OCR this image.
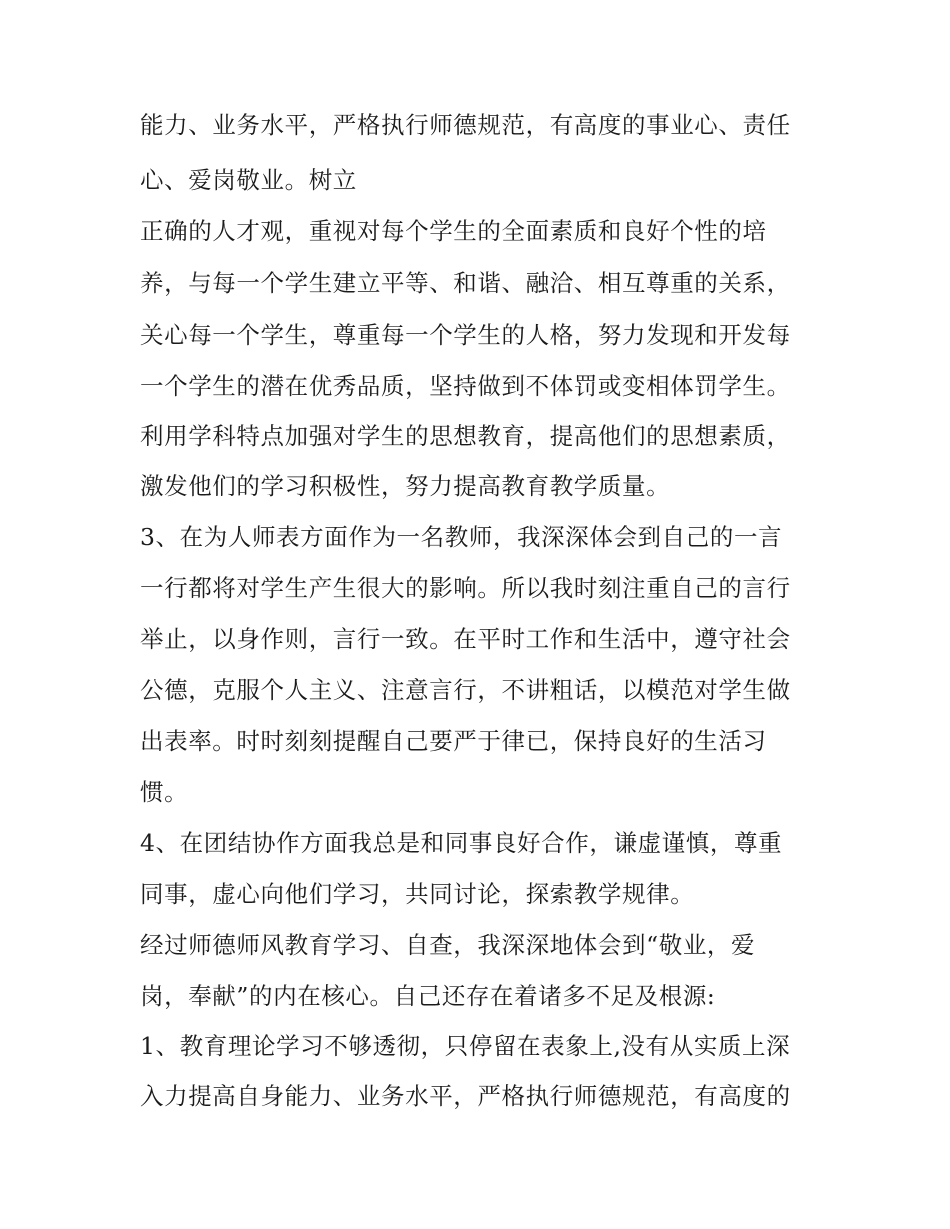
能力、业务水平，严格执行师德规范，有高度的事业心、责任
心、爱岗敬业。树立
正确的人才观，重视对每个学生的全面素质和良好个性的培
养，与每一个学生建立平等、和谐、融洽、相互尊重的关系，
关心每一个学生，尊重每一个学生的人格，努力发现和开发每
一个学生的潜在优秀品质，坚持做到不体罚或变相体罚学生。
利用学科特点加强对学生的思想教育，提高他们的思想素质，
激发他们的学习积极性，努力提高教育教学质量。
3、在为人师表方面作为一名教师，我深深体会到自己的一言
一行都将对学生产生很大的影响。所以我时刻注重自己的言行
举止，以身作则，言行一致。在平时工作和生活中，遵守社会
公德，克服个人主义、注意言行，不讲粗话，以模范对学生做
出表率。时时刻刻提醒自己要严于律已，保持良好的生活习
惯。
4、在团结协作方面我总是和同事良好合作，谦虚谨慎，尊重
同事，虚心向他们学习，共同讨论，探索教学规律。
经过师德师风教育学习、自查，我深深地体会到“敬业，爱
岗，奉献”的内在核心。自己还存在着诸多不足及根源:
1、教育理论学习不够透彻，只停留在表象上,没有从实质上深
入力提高自身能力、业务水平，严格执行师德规范，有高度的
